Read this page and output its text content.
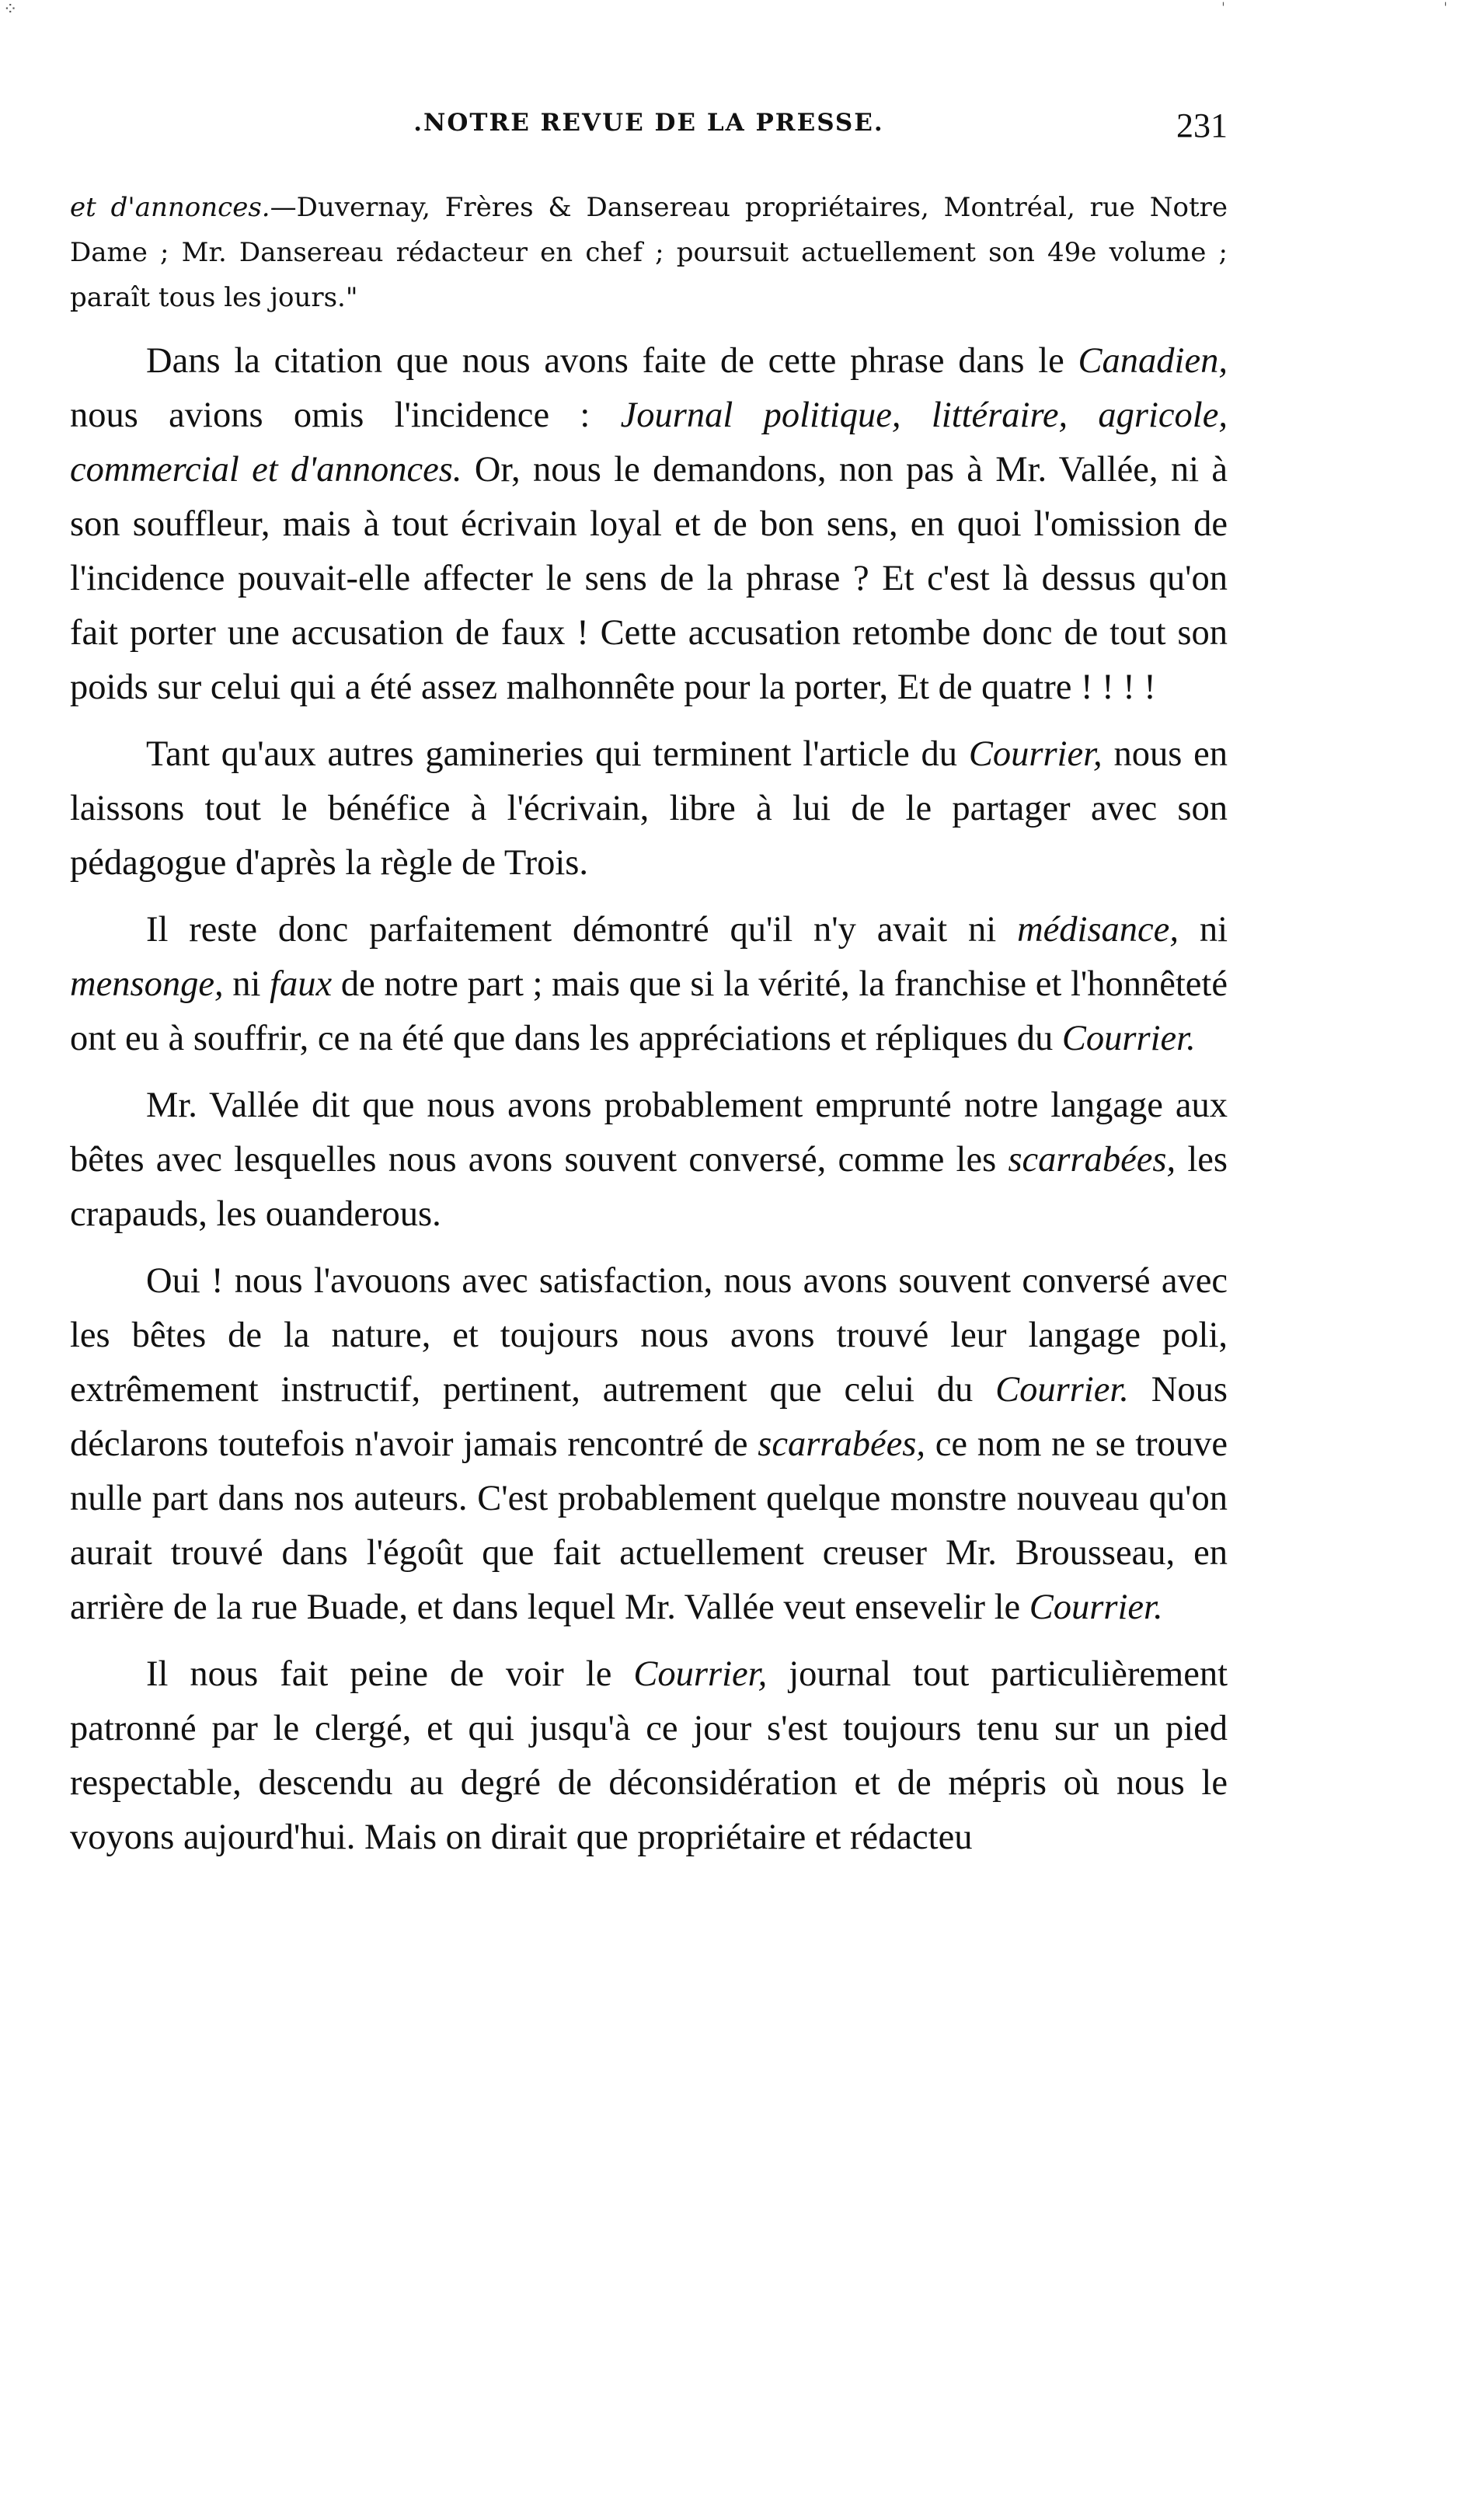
⁘	ˈ	ˈ
.NOTRE REVUE DE LA PRESSE.	231
et d'annonces.—Duvernay, Frères & Dansereau propriétaires, Montréal, rue Notre Dame ; Mr. Dansereau rédacteur en chef ; poursuit actuellement son 49e volume ; paraît tous les jours."

Dans la citation que nous avons faite de cette phrase dans le Canadien, nous avions omis l'incidence : Journal politique, littéraire, agricole, commercial et d'annonces. Or, nous le demandons, non pas à Mr. Vallée, ni à son souffleur, mais à tout écrivain loyal et de bon sens, en quoi l'omission de l'incidence pouvait-elle affecter le sens de la phrase ? Et c'est là dessus qu'on fait porter une accusation de faux ! Cette accusation retombe donc de tout son poids sur celui qui a été assez malhonnête pour la porter, Et de quatre ! ! ! !

Tant qu'aux autres gamineries qui terminent l'article du Courrier, nous en laissons tout le bénéfice à l'écrivain, libre à lui de le partager avec son pédagogue d'après la règle de Trois.

Il reste donc parfaitement démontré qu'il n'y avait ni médisance, ni mensonge, ni faux de notre part ; mais que si la vérité, la franchise et l'honnêteté ont eu à souffrir, ce na été que dans les appréciations et répliques du Courrier.

Mr. Vallée dit que nous avons probablement emprunté notre langage aux bêtes avec lesquelles nous avons souvent conversé, comme les scarrabées, les crapauds, les ouanderous.

Oui ! nous l'avouons avec satisfaction, nous avons souvent conversé avec les bêtes de la nature, et toujours nous avons trouvé leur langage poli, extrêmement instructif, pertinent, autrement que celui du Courrier. Nous déclarons toutefois n'avoir jamais rencontré de scarrabées, ce nom ne se trouve nulle part dans nos auteurs. C'est probablement quelque monstre nouveau qu'on aurait trouvé dans l'égoût que fait actuellement creuser Mr. Brousseau, en arrière de la rue Buade, et dans lequel Mr. Vallée veut ensevelir le Courrier.

Il nous fait peine de voir le Courrier, journal tout particulièrement patronné par le clergé, et qui jusqu'à ce jour s'est toujours tenu sur un pied respectable, descendu au degré de déconsidération et de mépris où nous le voyons aujourd'hui. Mais on dirait que propriétaire et rédacteu
